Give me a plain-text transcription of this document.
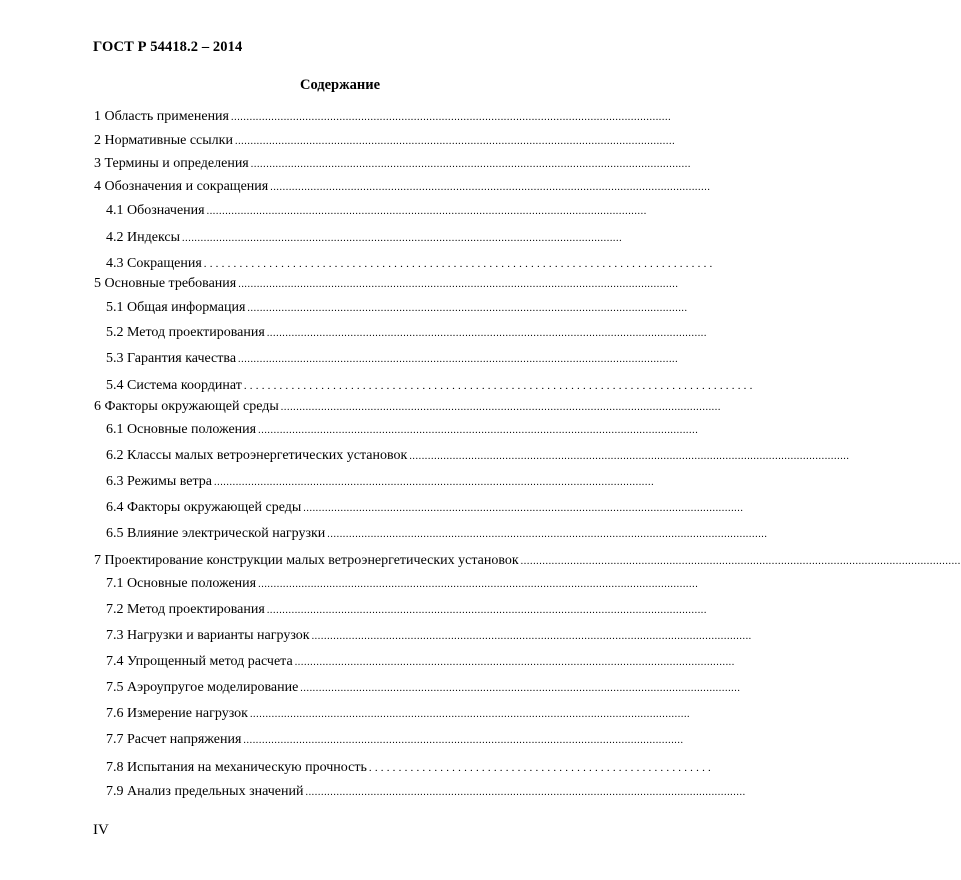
ГОСТ Р 54418.2 – 2014
Содержание
1 Область применения ..............................................................................................................................................
2 Нормативные ссылки ..............................................................................................................................................
3 Термины и определения ..............................................................................................................................................
4 Обозначения и сокращения ..............................................................................................................................................
4.1 Обозначения ..............................................................................................................................................
4.2 Индексы ..............................................................................................................................................
4.3 Сокращения ......................................................................................
5 Основные требования ..............................................................................................................................................
5.1 Общая информация ..............................................................................................................................................
5.2 Метод проектирования ..............................................................................................................................................
5.3 Гарантия качества ..............................................................................................................................................
5.4 Система координат ......................................................................................
6 Факторы окружающей среды ..............................................................................................................................................
6.1 Основные положения ..............................................................................................................................................
6.2 Классы малых ветроэнергетических установок ..............................................................................................................................................
6.3 Режимы ветра ..............................................................................................................................................
6.4 Факторы окружающей среды ..............................................................................................................................................
6.5 Влияние электрической нагрузки ..............................................................................................................................................
7 Проектирование конструкции малых ветроэнергетических установок ..............................................................................................................................................
7.1 Основные положения ..............................................................................................................................................
7.2 Метод проектирования ..............................................................................................................................................
7.3 Нагрузки и варианты нагрузок ..............................................................................................................................................
7.4 Упрощенный метод расчета ..............................................................................................................................................
7.5 Аэроупругое моделирование ..............................................................................................................................................
7.6 Измерение нагрузок ..............................................................................................................................................
7.7 Расчет напряжения ..............................................................................................................................................
7.8 Испытания на механическую прочность ..........................................................
7.9 Анализ предельных значений ..............................................................................................................................................
IV
